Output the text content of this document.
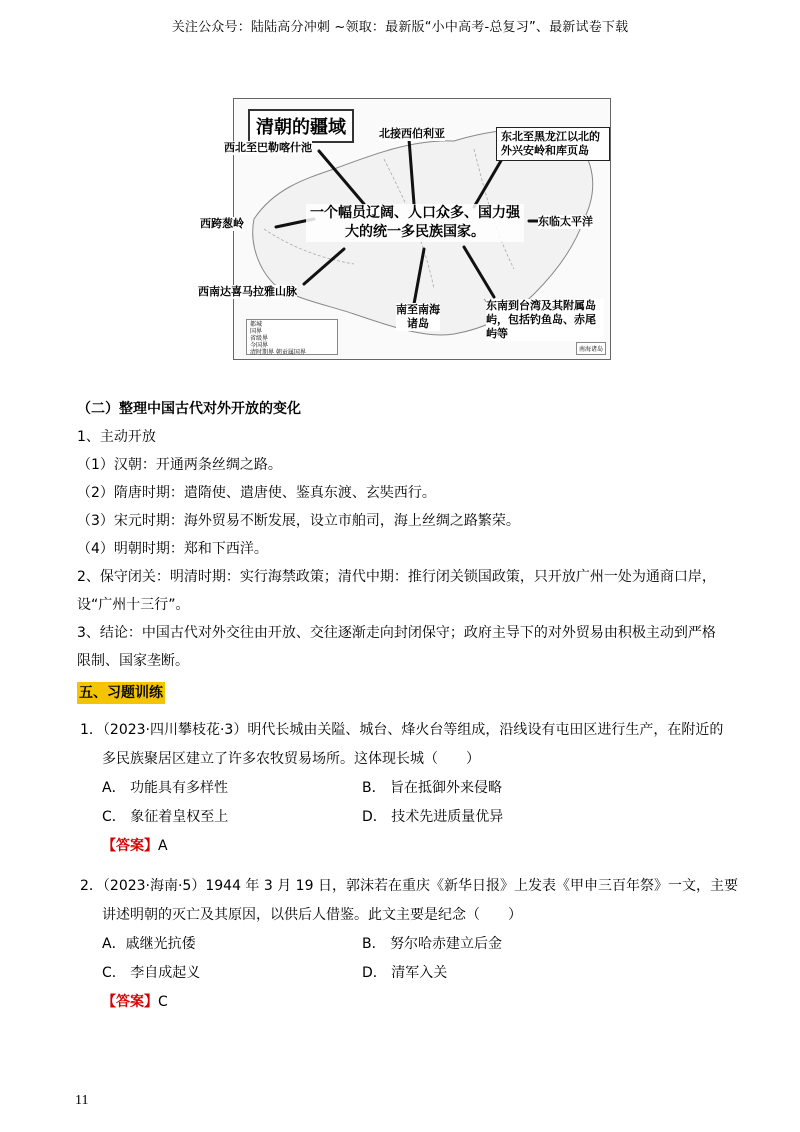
关注公众号：陆陆高分冲刺 ~领取：最新版“小中高考-总复习”、最新试卷下载
清朝的疆域
西北至巴勒喀什池
北接西伯利亚	东北至黑龙江以北的外兴安岭和库页岛
西跨葱岭	东临太平洋
西南达喜马拉雅山脉
南至南海诸岛
东南到台湾及其附属岛屿，包括钓鱼岛、赤尾屿等
一个幅员辽阔、人口众多、国力强大的统一多民族国家。
都城
国界
省级界
今国界
清时期界 朝贡属国界	南海诸岛

（二）整理中国古代对外开放的变化

1、主动开放

（1）汉朝：开通两条丝绸之路。

（2）隋唐时期：遣隋使、遣唐使、鉴真东渡、玄奘西行。

（3）宋元时期：海外贸易不断发展，设立市舶司，海上丝绸之路繁荣。

（4）明朝时期：郑和下西洋。

2、保守闭关：明清时期：实行海禁政策；清代中期：推行闭关锁国政策，只开放广州一处为通商口岸，

设“广州十三行”。

3、结论：中国古代对外交往由开放、交往逐渐走向封闭保守；政府主导下的对外贸易由积极主动到严格

限制、国家垄断。

五、习题训练

1．（2023·四川攀枝花·3）明代长城由关隘、城台、烽火台等组成，沿线设有屯田区进行生产，在附近的

多民族聚居区建立了许多农牧贸易场所。这体现长城（　　）

A． 功能具有多样性	B． 旨在抵御外来侵略
C． 象征着皇权至上	D． 技术先进质量优异

【答案】A

2．（2023·海南·5）1944 年 3 月 19 日，郭沫若在重庆《新华日报》上发表《甲申三百年祭》一文，主要

讲述明朝的灭亡及其原因，以供后人借鉴。此文主要是纪念（　　）

A．戚继光抗倭	B． 努尔哈赤建立后金
C． 李自成起义	D． 清军入关

【答案】C

11
